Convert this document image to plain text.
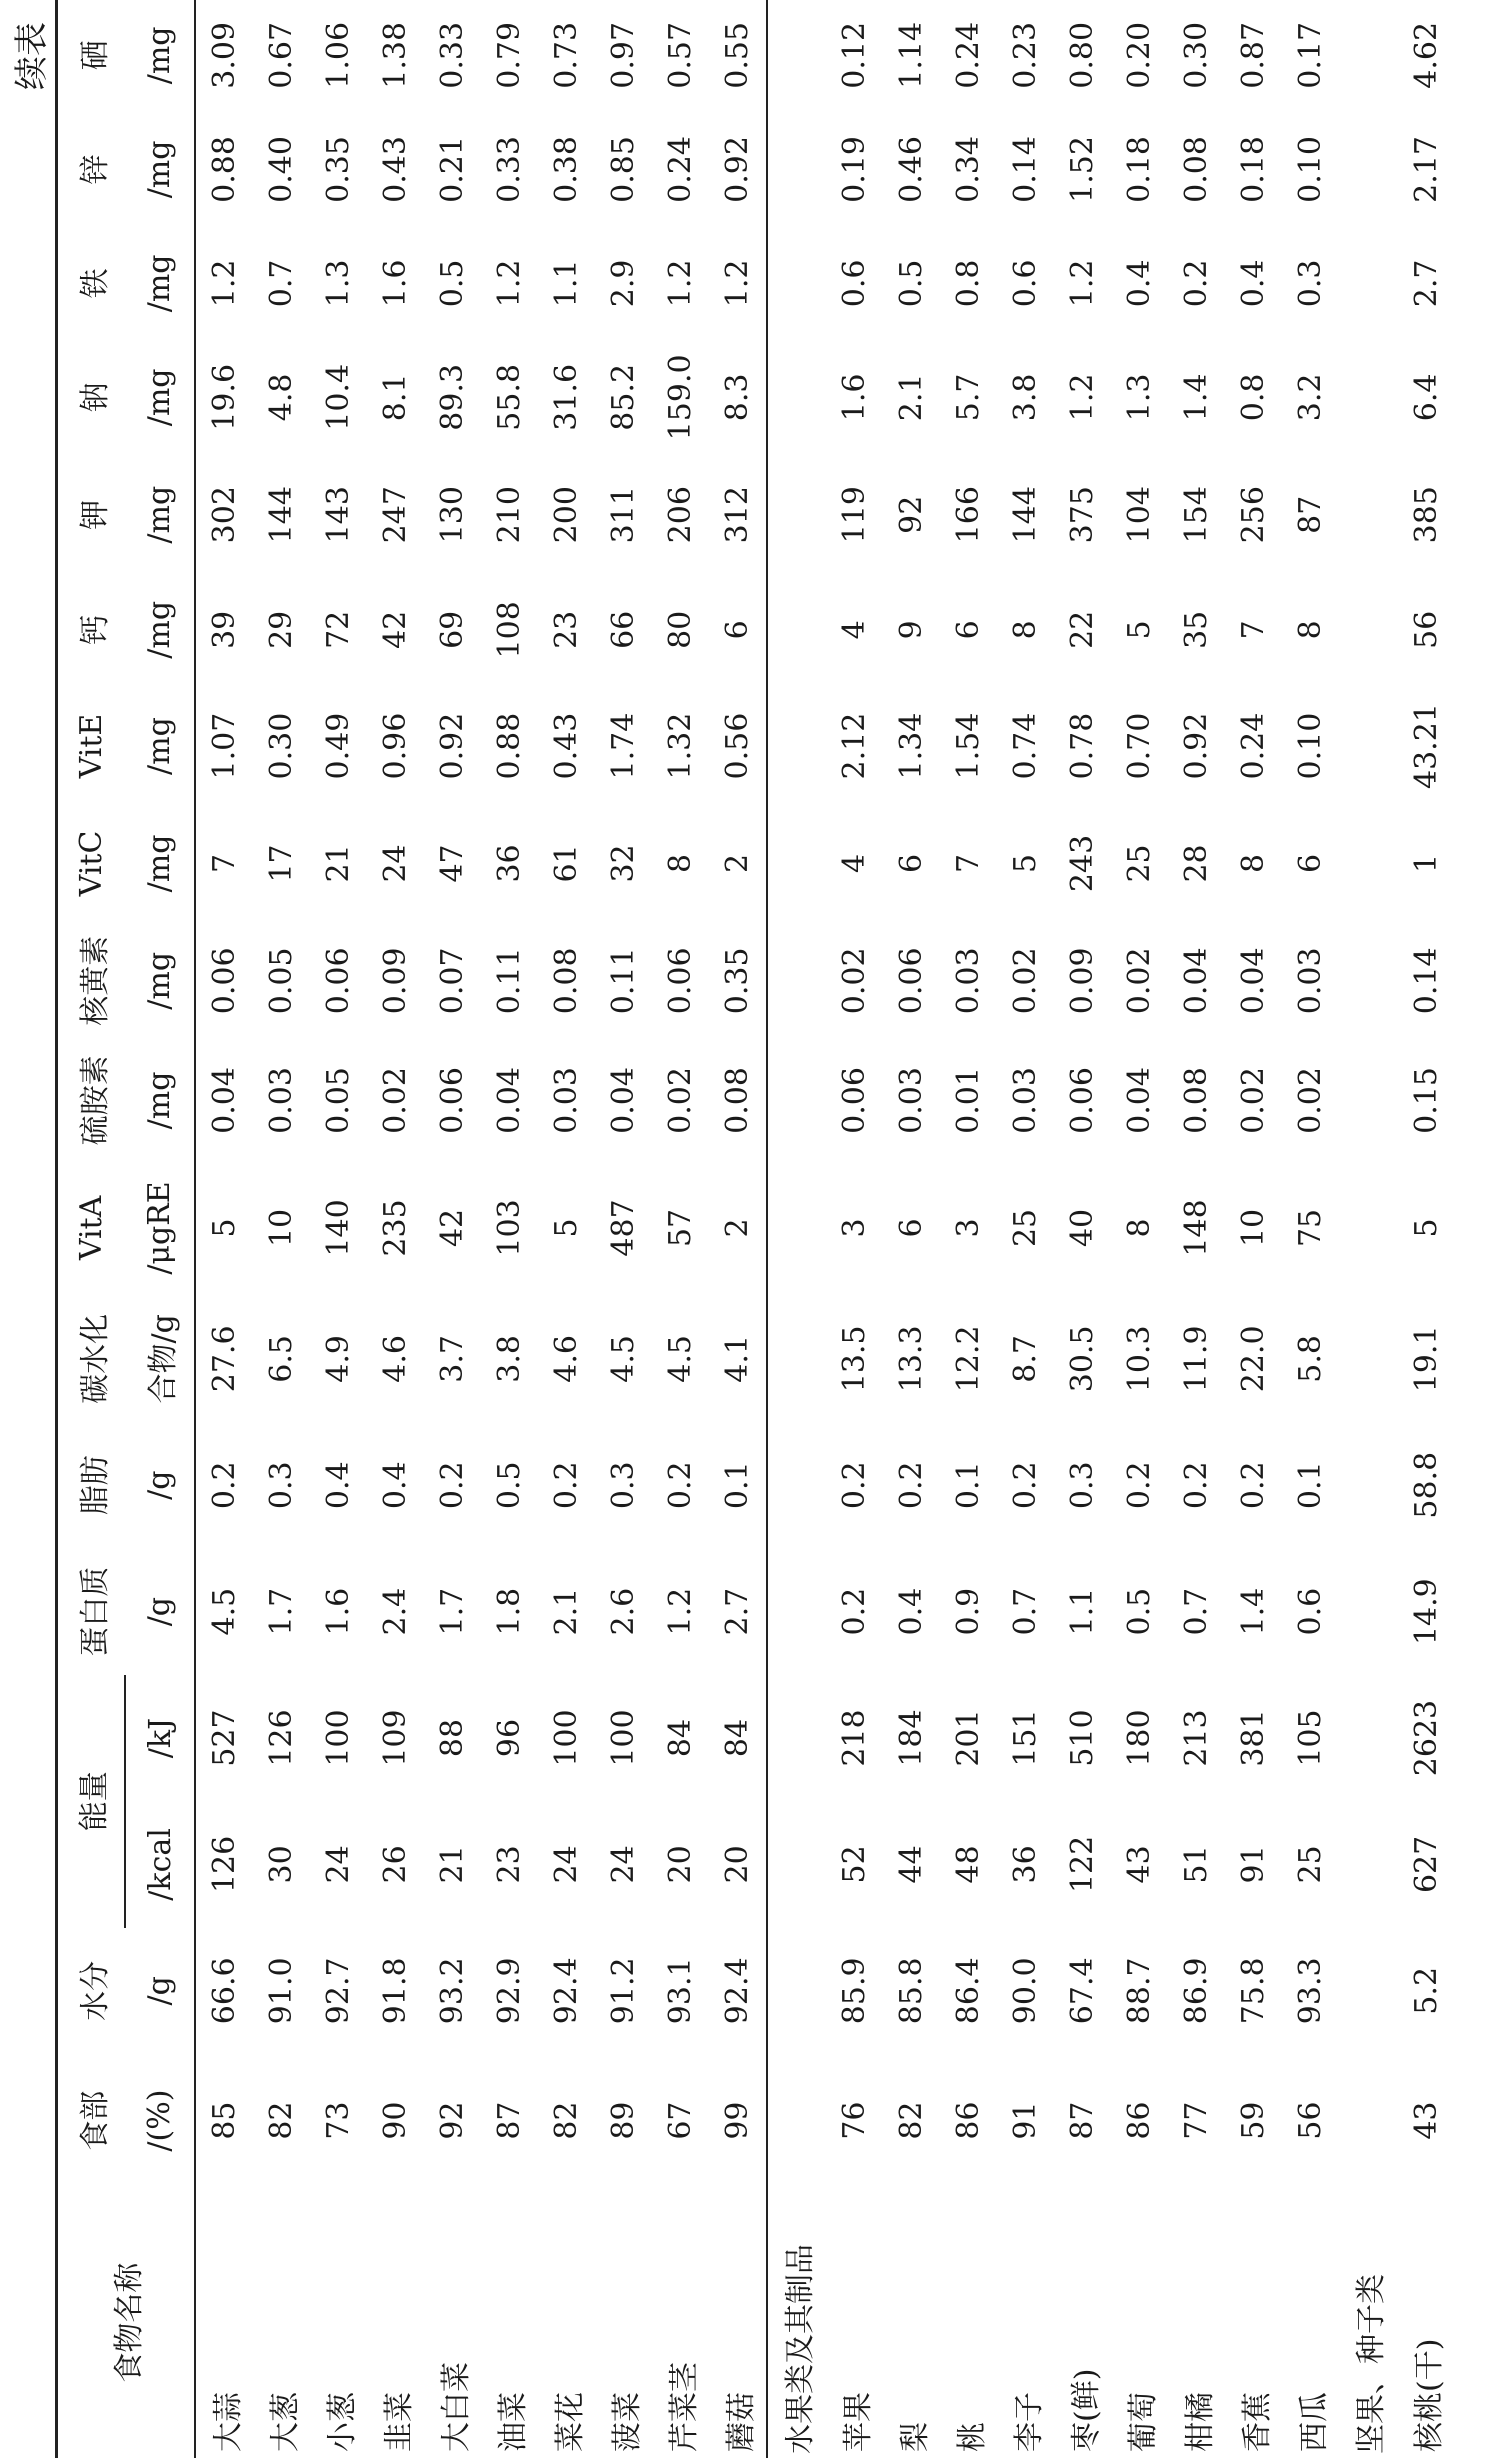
续表
食物名称	食部	水分	能量		蛋白质	脂肪	碳水化	VitA	硫胺素	核黄素	VitC	VitE	钙	钾	钠	铁	锌	硒
	/(%)	/g	/kcal	/kJ	/g	/g	合物/g	/μgRE	/mg	/mg	/mg	/mg	/mg	/mg	/mg	/mg	/mg	/mg
大蒜	85	66.6	126	527	4.5	0.2	27.6	5	0.04	0.06	7	1.07	39	302	19.6	1.2	0.88	3.09
大葱	82	91.0	30	126	1.7	0.3	6.5	10	0.03	0.05	17	0.30	29	144	4.8	0.7	0.40	0.67
小葱	73	92.7	24	100	1.6	0.4	4.9	140	0.05	0.06	21	0.49	72	143	10.4	1.3	0.35	1.06
韭菜	90	91.8	26	109	2.4	0.4	4.6	235	0.02	0.09	24	0.96	42	247	8.1	1.6	0.43	1.38
大白菜	92	93.2	21	88	1.7	0.2	3.7	42	0.06	0.07	47	0.92	69	130	89.3	0.5	0.21	0.33
油菜	87	92.9	23	96	1.8	0.5	3.8	103	0.04	0.11	36	0.88	108	210	55.8	1.2	0.33	0.79
菜花	82	92.4	24	100	2.1	0.2	4.6	5	0.03	0.08	61	0.43	23	200	31.6	1.1	0.38	0.73
菠菜	89	91.2	24	100	2.6	0.3	4.5	487	0.04	0.11	32	1.74	66	311	85.2	2.9	0.85	0.97
芹菜茎	67	93.1	20	84	1.2	0.2	4.5	57	0.02	0.06	8	1.32	80	206	159.0	1.2	0.24	0.57
蘑菇	99	92.4	20	84	2.7	0.1	4.1	2	0.08	0.35	2	0.56	6	312	8.3	1.2	0.92	0.55
水果类及其制品																		
苹果	76	85.9	52	218	0.2	0.2	13.5	3	0.06	0.02	4	2.12	4	119	1.6	0.6	0.19	0.12
梨	82	85.8	44	184	0.4	0.2	13.3	6	0.03	0.06	6	1.34	9	92	2.1	0.5	0.46	1.14
桃	86	86.4	48	201	0.9	0.1	12.2	3	0.01	0.03	7	1.54	6	166	5.7	0.8	0.34	0.24
李子	91	90.0	36	151	0.7	0.2	8.7	25	0.03	0.02	5	0.74	8	144	3.8	0.6	0.14	0.23
枣(鲜)	87	67.4	122	510	1.1	0.3	30.5	40	0.06	0.09	243	0.78	22	375	1.2	1.2	1.52	0.80
葡萄	86	88.7	43	180	0.5	0.2	10.3	8	0.04	0.02	25	0.70	5	104	1.3	0.4	0.18	0.20
柑橘	77	86.9	51	213	0.7	0.2	11.9	148	0.08	0.04	28	0.92	35	154	1.4	0.2	0.08	0.30
香蕉	59	75.8	91	381	1.4	0.2	22.0	10	0.02	0.04	8	0.24	7	256	0.8	0.4	0.18	0.87
西瓜	56	93.3	25	105	0.6	0.1	5.8	75	0.02	0.03	6	0.10	8	87	3.2	0.3	0.10	0.17
坚果、种子类																		
核桃(干)	43	5.2	627	2623	14.9	58.8	19.1	5	0.15	0.14	1	43.21	56	385	6.4	2.7	2.17	4.62
